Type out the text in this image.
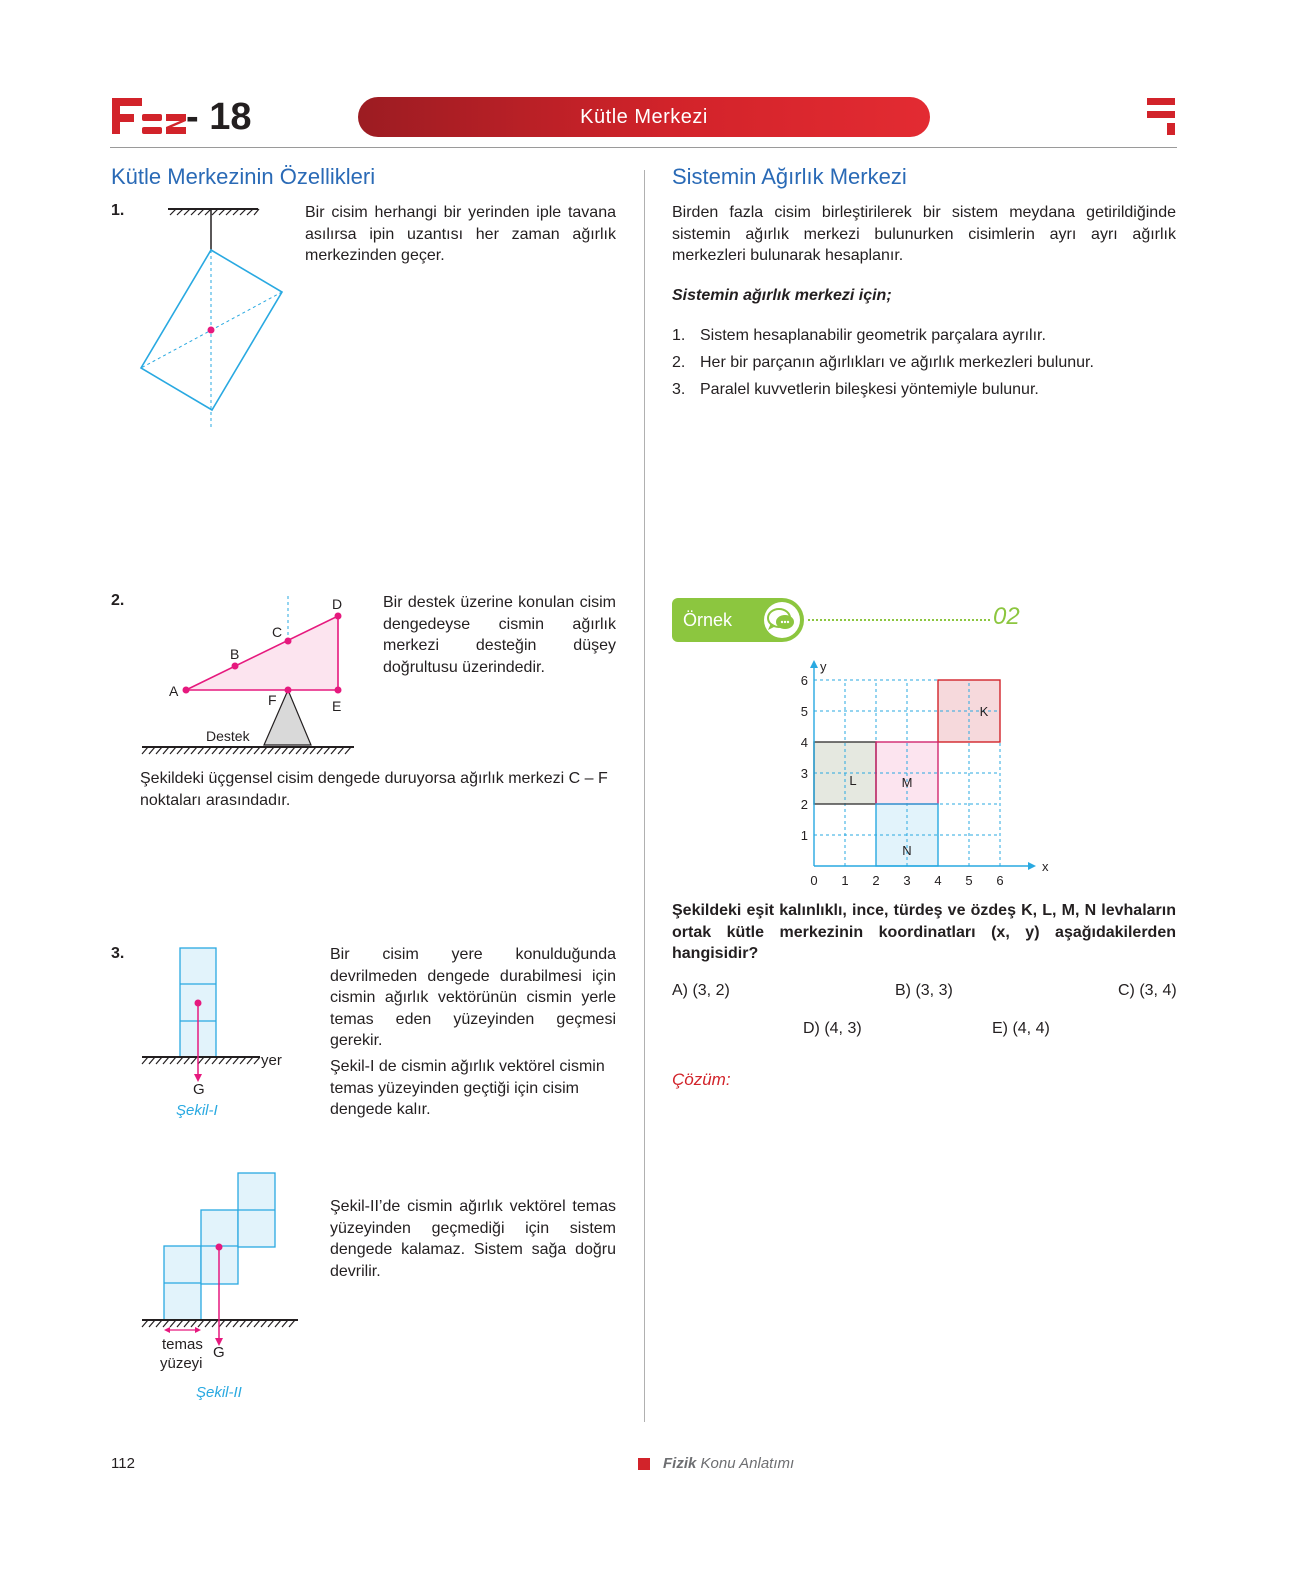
- 18	Kütle Merkezi
Kütle Merkezinin Özellikleri
1.	Bir cisim herhangi bir yerinden iple tavana asılırsa ipin uzantısı her zaman ağırlık merkezinden geçer.
2.
A
B
C
D
E
F
Destek
Bir destek üzerine konulan cisim dengedeyse cismin ağırlık merkezi desteğin düşey doğrultusu üzerindedir.
Şekildeki üçgensel cisim dengede duruyorsa ağırlık merkezi C – F noktaları arasındadır.
3.
yer
G
Şekil-I
Bir cisim yere konulduğunda devrilmeden dengede durabilmesi için cismin ağırlık vektörünün cismin yerle temas eden yüzeyinden geçmesi gerekir.
Şekil-I de cismin ağırlık vektörel cismin temas yüzeyinden geçtiği için cisim dengede kalır.
temas
yüzeyi
G
Şekil-II
Şekil-II’de cismin ağırlık vektörel temas yüzeyinden geçmediği için sistem dengede kalamaz. Sistem sağa doğru devrilir.
Sistemin Ağırlık Merkezi
Birden fazla cisim birleştirilerek bir sistem meydana getirildiğinde sistemin ağırlık merkezi bulunurken cisimlerin ayrı ayrı ağırlık merkezleri bulunarak hesaplanır.
Sistemin ağırlık merkezi için;
1. Sistem hesaplanabilir geometrik parçalara ayrılır.
2. Her bir parçanın ağırlıkları ve ağırlık merkezleri bulunur.
3. Paralel kuvvetlerin bileşkesi yöntemiyle bulunur.
Örnek	02
K
L	M
N
x
y
0 1 2 3 4 5 6
1
2
3
4
5
6
Şekildeki eşit kalınlıklı, ince, türdeş ve özdeş K, L, M, N levhaların ortak kütle merkezinin koordinatları (x, y) aşağıdakilerden hangisidir?
A) (3, 2)	B) (3, 3)	C) (3, 4)
D) (4, 3)	E) (4, 4)
Çözüm:
112	Fizik Konu Anlatımı
